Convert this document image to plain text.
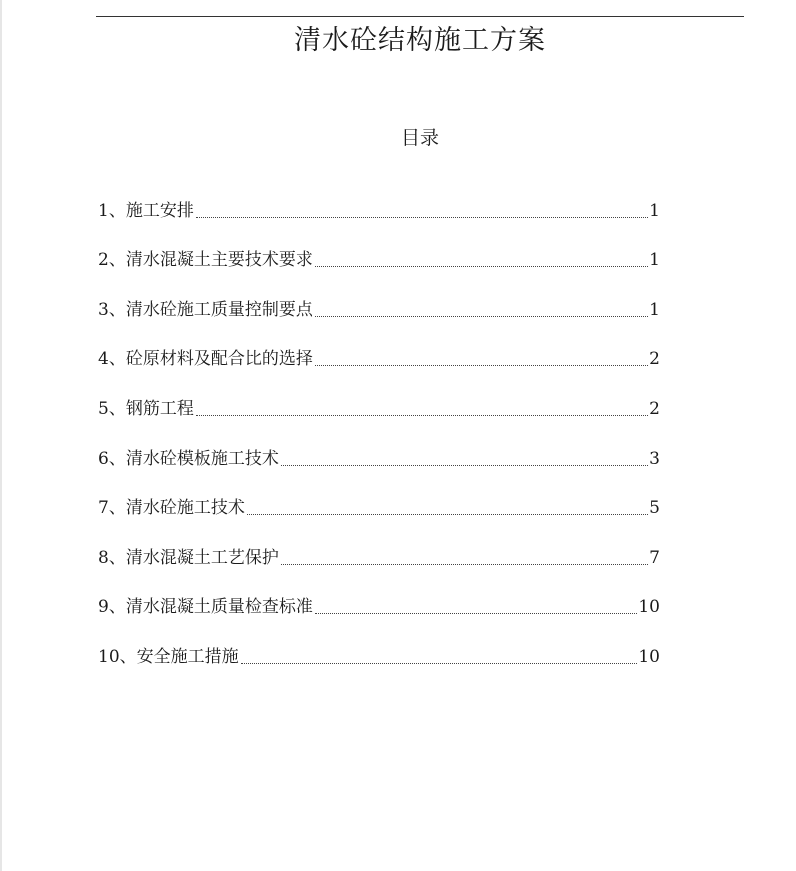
清水砼结构施工方案
目录
1、 施工安排	1
2、 清水混凝土主要技术要求	1
3、 清水砼施工质量控制要点	1
4、 砼原材料及配合比的选择	2
5、 钢筋工程	2
6、 清水砼模板施工技术	3
7、 清水砼施工技术	5
8、 清水混凝土工艺保护	7
9、 清水混凝土质量检查标准	10
10、 安全施工措施	10
